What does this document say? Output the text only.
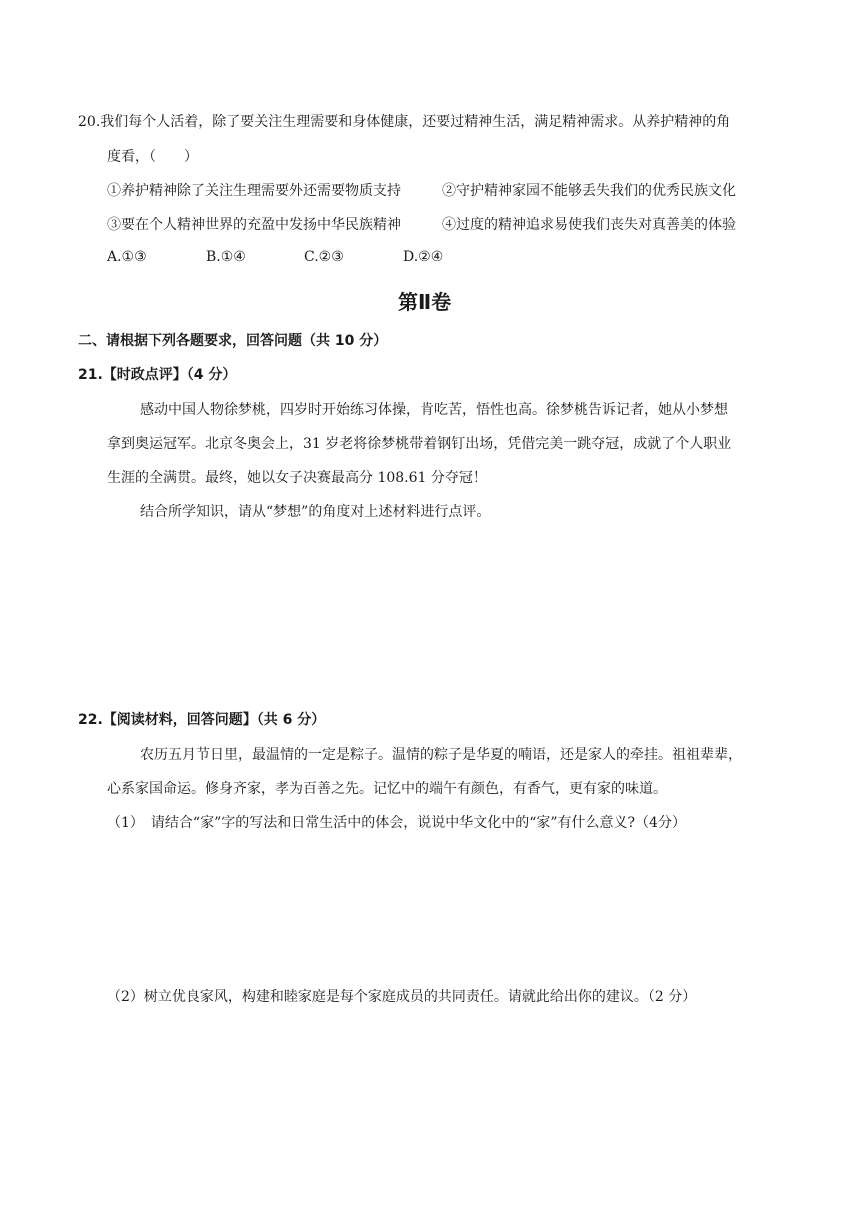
20.我们每个人活着，除了要关注生理需要和身体健康，还要过精神生活，满足精神需求。从养护精神的角
度看，（　　）
①养护精神除了关注生理需要外还需要物质支持	②守护精神家园不能够丢失我们的优秀民族文化
③要在个人精神世界的充盈中发扬中华民族精神	④过度的精神追求易使我们丧失对真善美的体验
A.①③	B.①④	C.②③	D.②④
第Ⅱ卷
二、请根据下列各题要求，回答问题（共 10 分）
21.【时政点评】（4 分）
感动中国人物徐梦桃，四岁时开始练习体操，肯吃苦，悟性也高。徐梦桃告诉记者，她从小梦想
拿到奥运冠军。北京冬奥会上，31 岁老将徐梦桃带着钢钉出场，凭借完美一跳夺冠，成就了个人职业
生涯的全满贯。最终，她以女子决赛最高分 108.61 分夺冠！
结合所学知识，请从“梦想”的角度对上述材料进行点评。
22.【阅读材料，回答问题】（共 6 分）
农历五月节日里，最温情的一定是粽子。温情的粽子是华夏的喃语，还是家人的牵挂。祖祖辈辈，
心系家国命运。修身齐家，孝为百善之先。记忆中的端午有颜色，有香气，更有家的味道。
（1）　请结合“家”字的写法和日常生活中的体会，说说中华文化中的“家”有什么意义?（4分）
（2）树立优良家风，构建和睦家庭是每个家庭成员的共同责任。请就此给出你的建议。（2 分）
